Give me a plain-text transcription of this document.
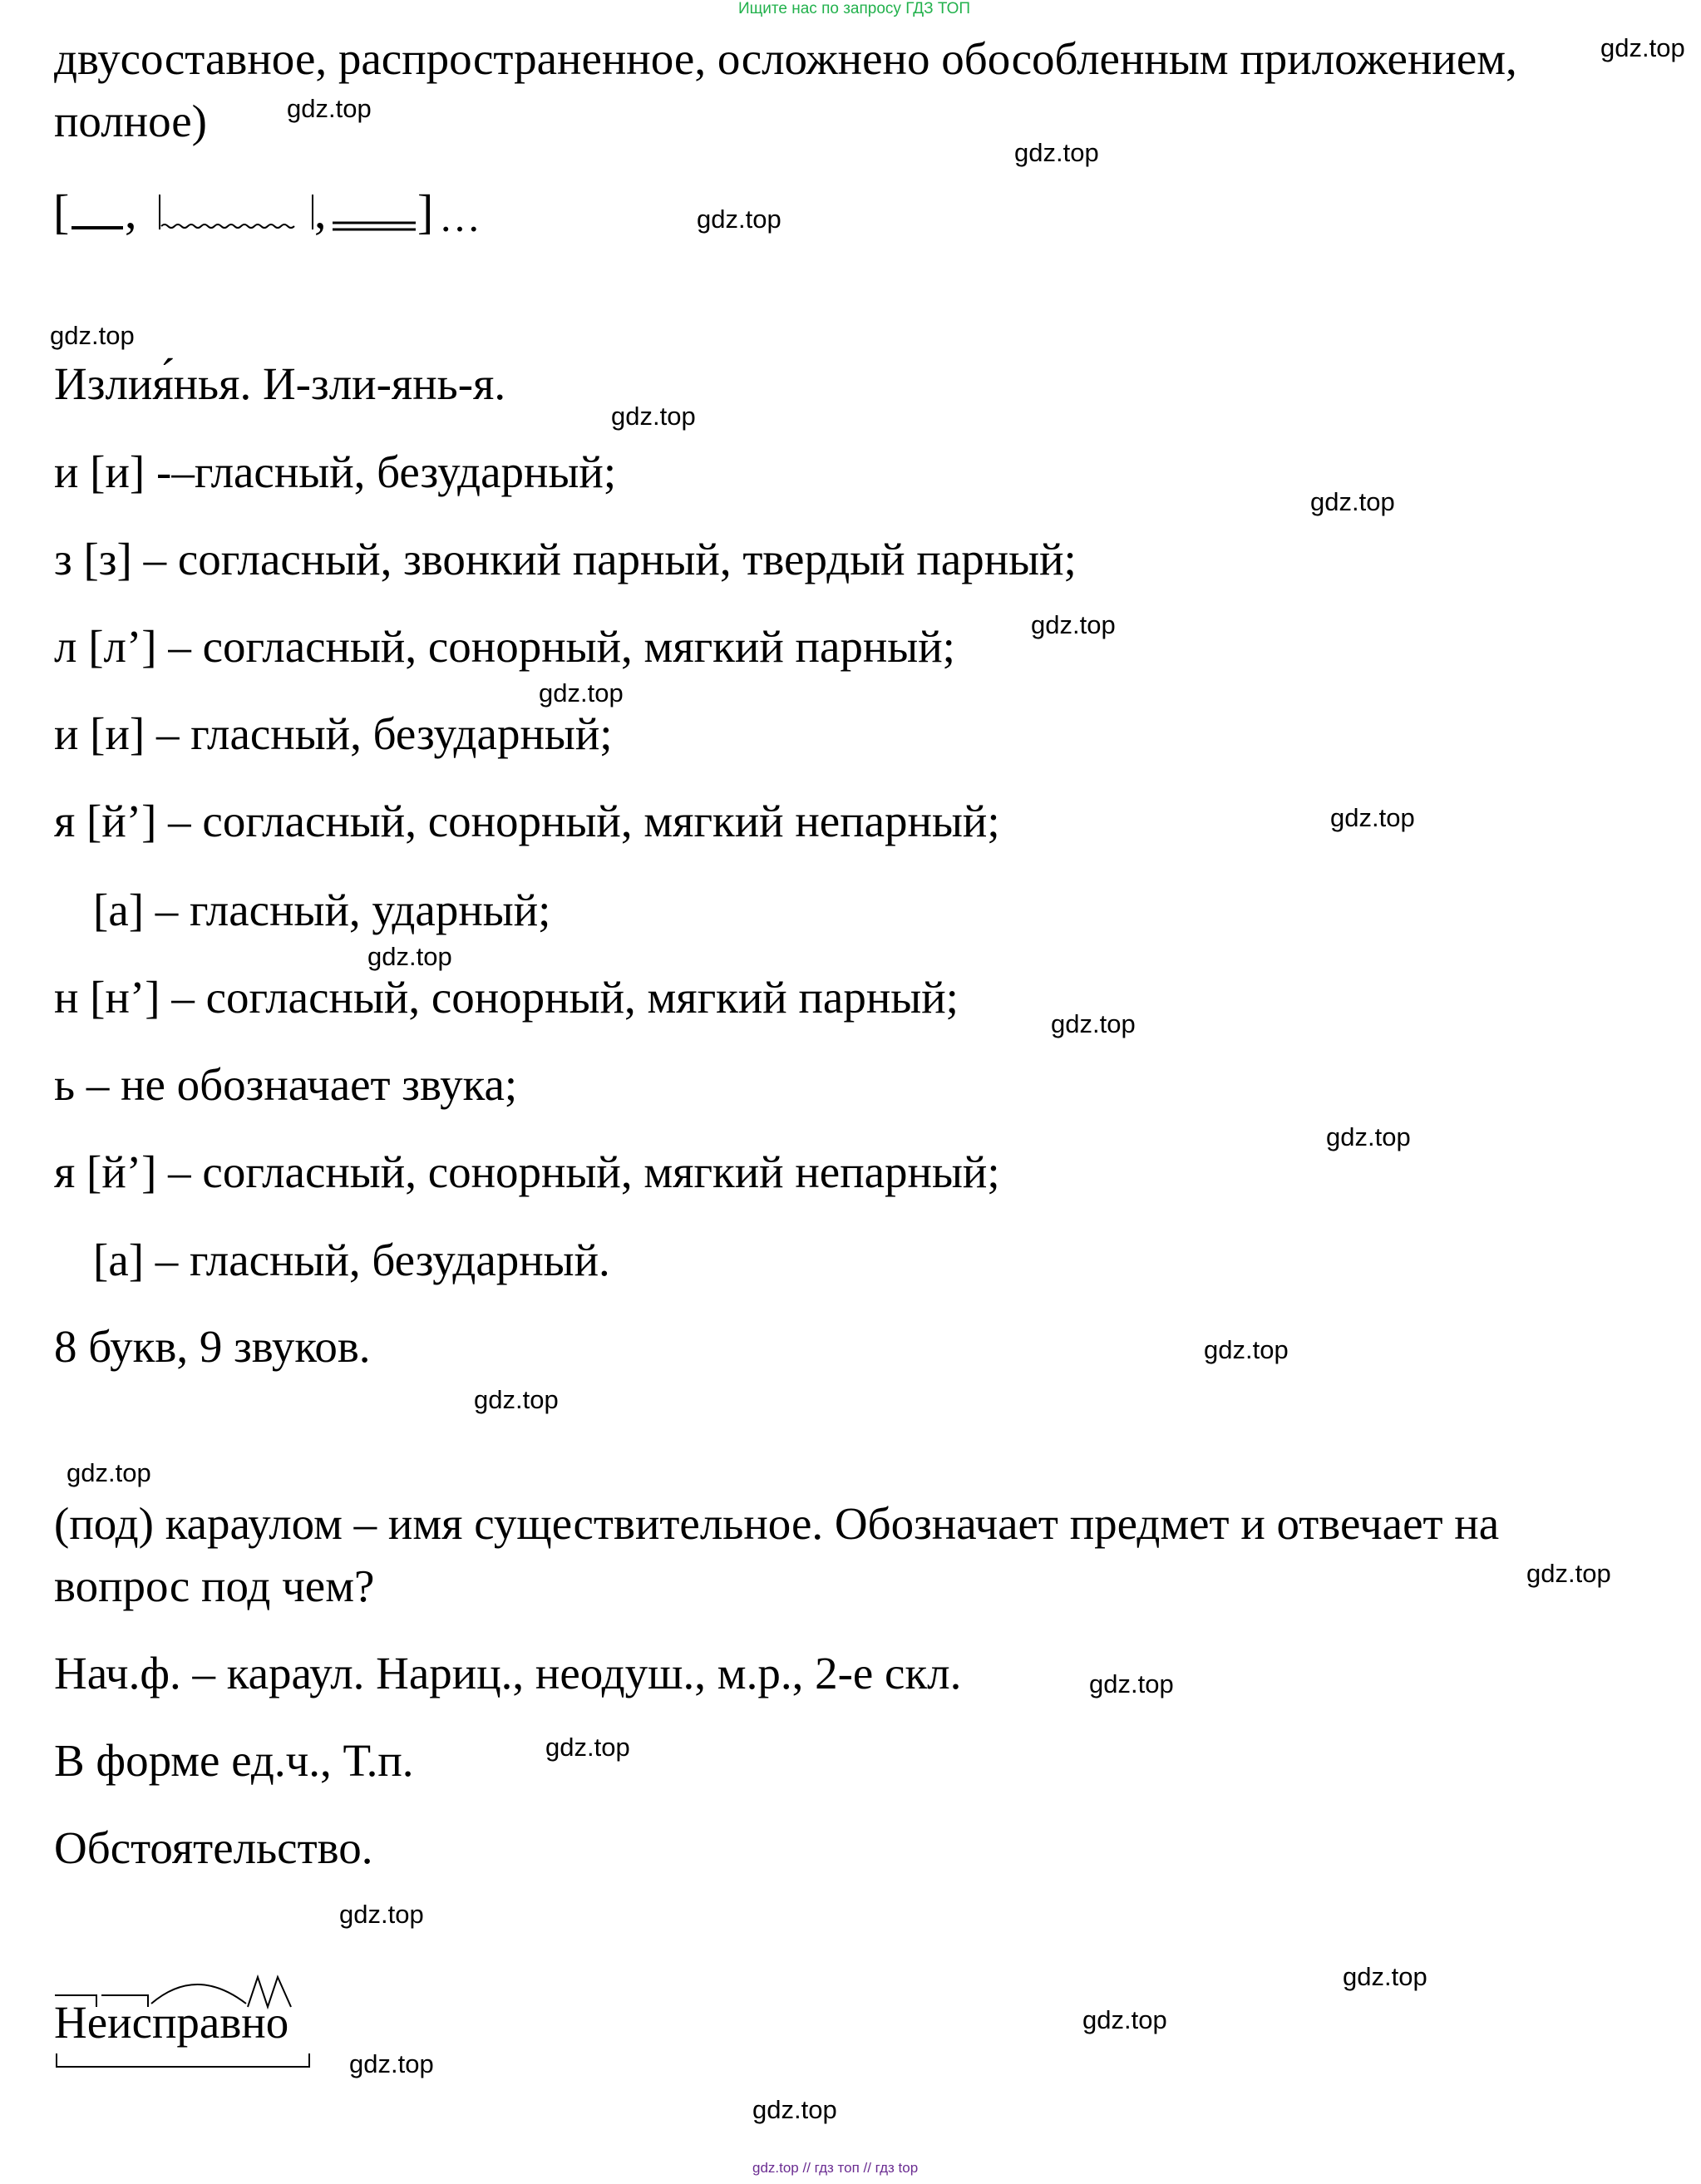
Ищите нас по запросу ГДЗ ТОП
двусоставное, распространенное, осложнено обособленным приложением,
полное)
[ ,	, ] …
Излия́нья. И-зли-янь-я.
и [и] -–гласный, безударный;
з [з] – согласный, звонкий парный, твердый парный;
л [л’] – согласный, сонорный, мягкий парный;
и [и] – гласный, безударный;
я [й’] – согласный, сонорный, мягкий непарный;
[а] – гласный, ударный;
н [н’] – согласный, сонорный, мягкий парный;
ь – не обозначает звука;
я [й’] – согласный, сонорный, мягкий непарный;
[а] – гласный, безударный.
8 букв, 9 звуков.
(под) караулом – имя существительное. Обозначает предмет и отвечает на
вопрос под чем?
Нач.ф. – караул. Нариц., неодуш., м.р., 2-е скл.
В форме ед.ч., Т.п.
Обстоятельство.
Неисправно
gdz.top
gdz.top
gdz.top
gdz.top
gdz.top
gdz.top
gdz.top
gdz.top
gdz.top
gdz.top
gdz.top
gdz.top
gdz.top
gdz.top
gdz.top
gdz.top
gdz.top
gdz.top
gdz.top
gdz.top
gdz.top
gdz.top
gdz.top
gdz.top
gdz.top // гдз топ // гдз top
